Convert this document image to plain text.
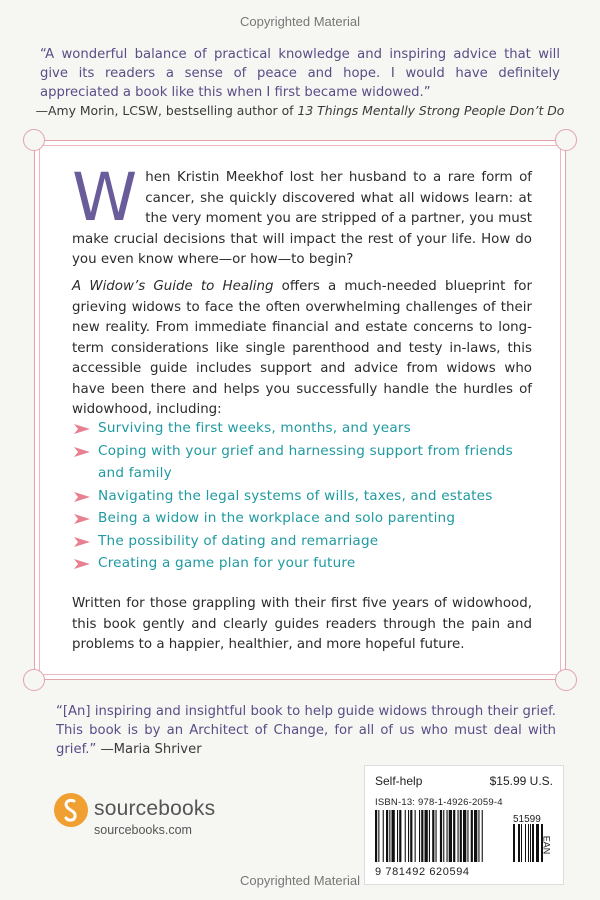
Copyrighted Material
“A wonderful balance of practical knowledge and inspiring advice that will give its readers a sense of peace and hope. I would have definitely appreciated a book like this when I first became widowed.”
—Amy Morin, LCSW, bestselling author of 13 Things Mentally Strong People Don’t Do
When Kristin Meekhof lost her husband to a rare form of cancer, she quickly discovered what all widows learn: at the very moment you are stripped of a partner, you must make crucial decisions that will impact the rest of your life. How do you even know where—or how—to begin?
A Widow’s Guide to Healing offers a much-needed blueprint for grieving widows to face the often overwhelming challenges of their new reality. From immediate financial and estate concerns to long-term considerations like single parenthood and testy in-laws, this accessible guide includes support and advice from widows who have been there and helps you successfully handle the hurdles of widowhood, including:
Surviving the first weeks, months, and years
Coping with your grief and harnessing support from friends and family
Navigating the legal systems of wills, taxes, and estates
Being a widow in the workplace and solo parenting
The possibility of dating and remarriage
Creating a game plan for your future
Written for those grappling with their first five years of widowhood, this book gently and clearly guides readers through the pain and problems to a happier, healthier, and more hopeful future.
“[An] inspiring and insightful book to help guide widows through their grief. This book is by an Architect of Change, for all of us who must deal with grief.” —Maria Shriver
sourcebooks
sourcebooks.com
Self-help	$15.99 U.S.
ISBN-13: 978-1-4926-2059-4
51599
EAN
9 781492 620594
Copyrighted Material
